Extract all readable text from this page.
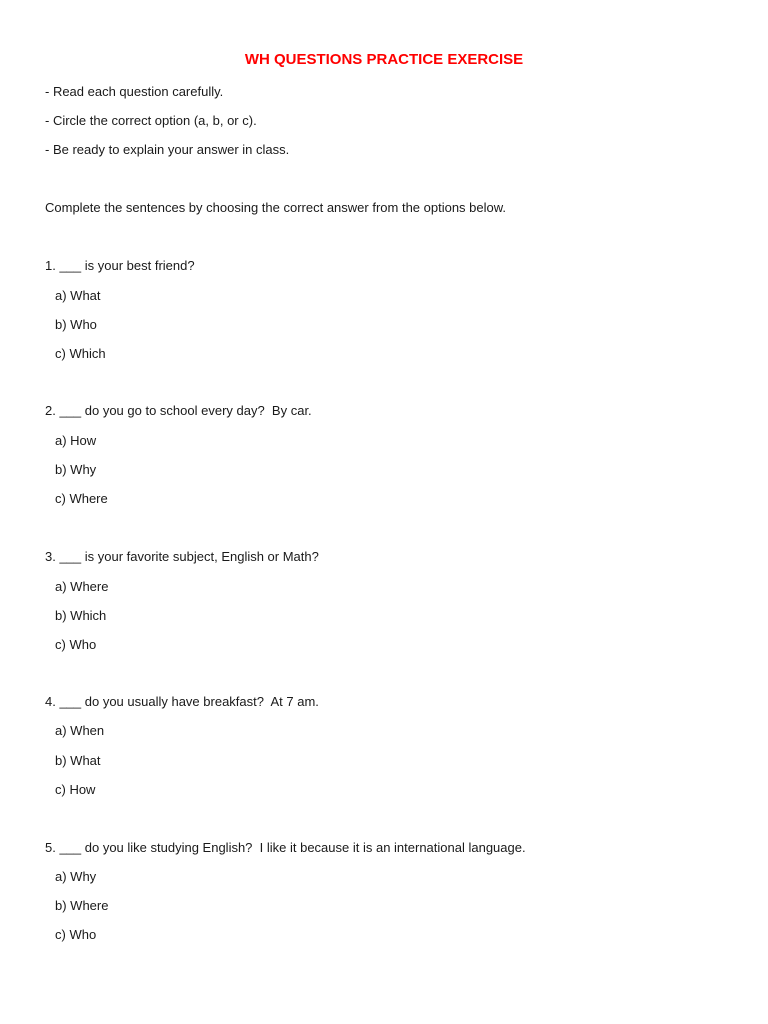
WH QUESTIONS PRACTICE EXERCISE
- Read each question carefully.
- Circle the correct option (a, b, or c).
- Be ready to explain your answer in class.
Complete the sentences by choosing the correct answer from the options below.
1. ___ is your best friend?
a) What
b) Who
c) Which
2. ___ do you go to school every day?  By car.
a) How
b) Why
c) Where
3. ___ is your favorite subject, English or Math?
a) Where
b) Which
c) Who
4. ___ do you usually have breakfast?  At 7 am.
a) When
b) What
c) How
5. ___ do you like studying English?  I like it because it is an international language.
a) Why
b) Where
c) Who
